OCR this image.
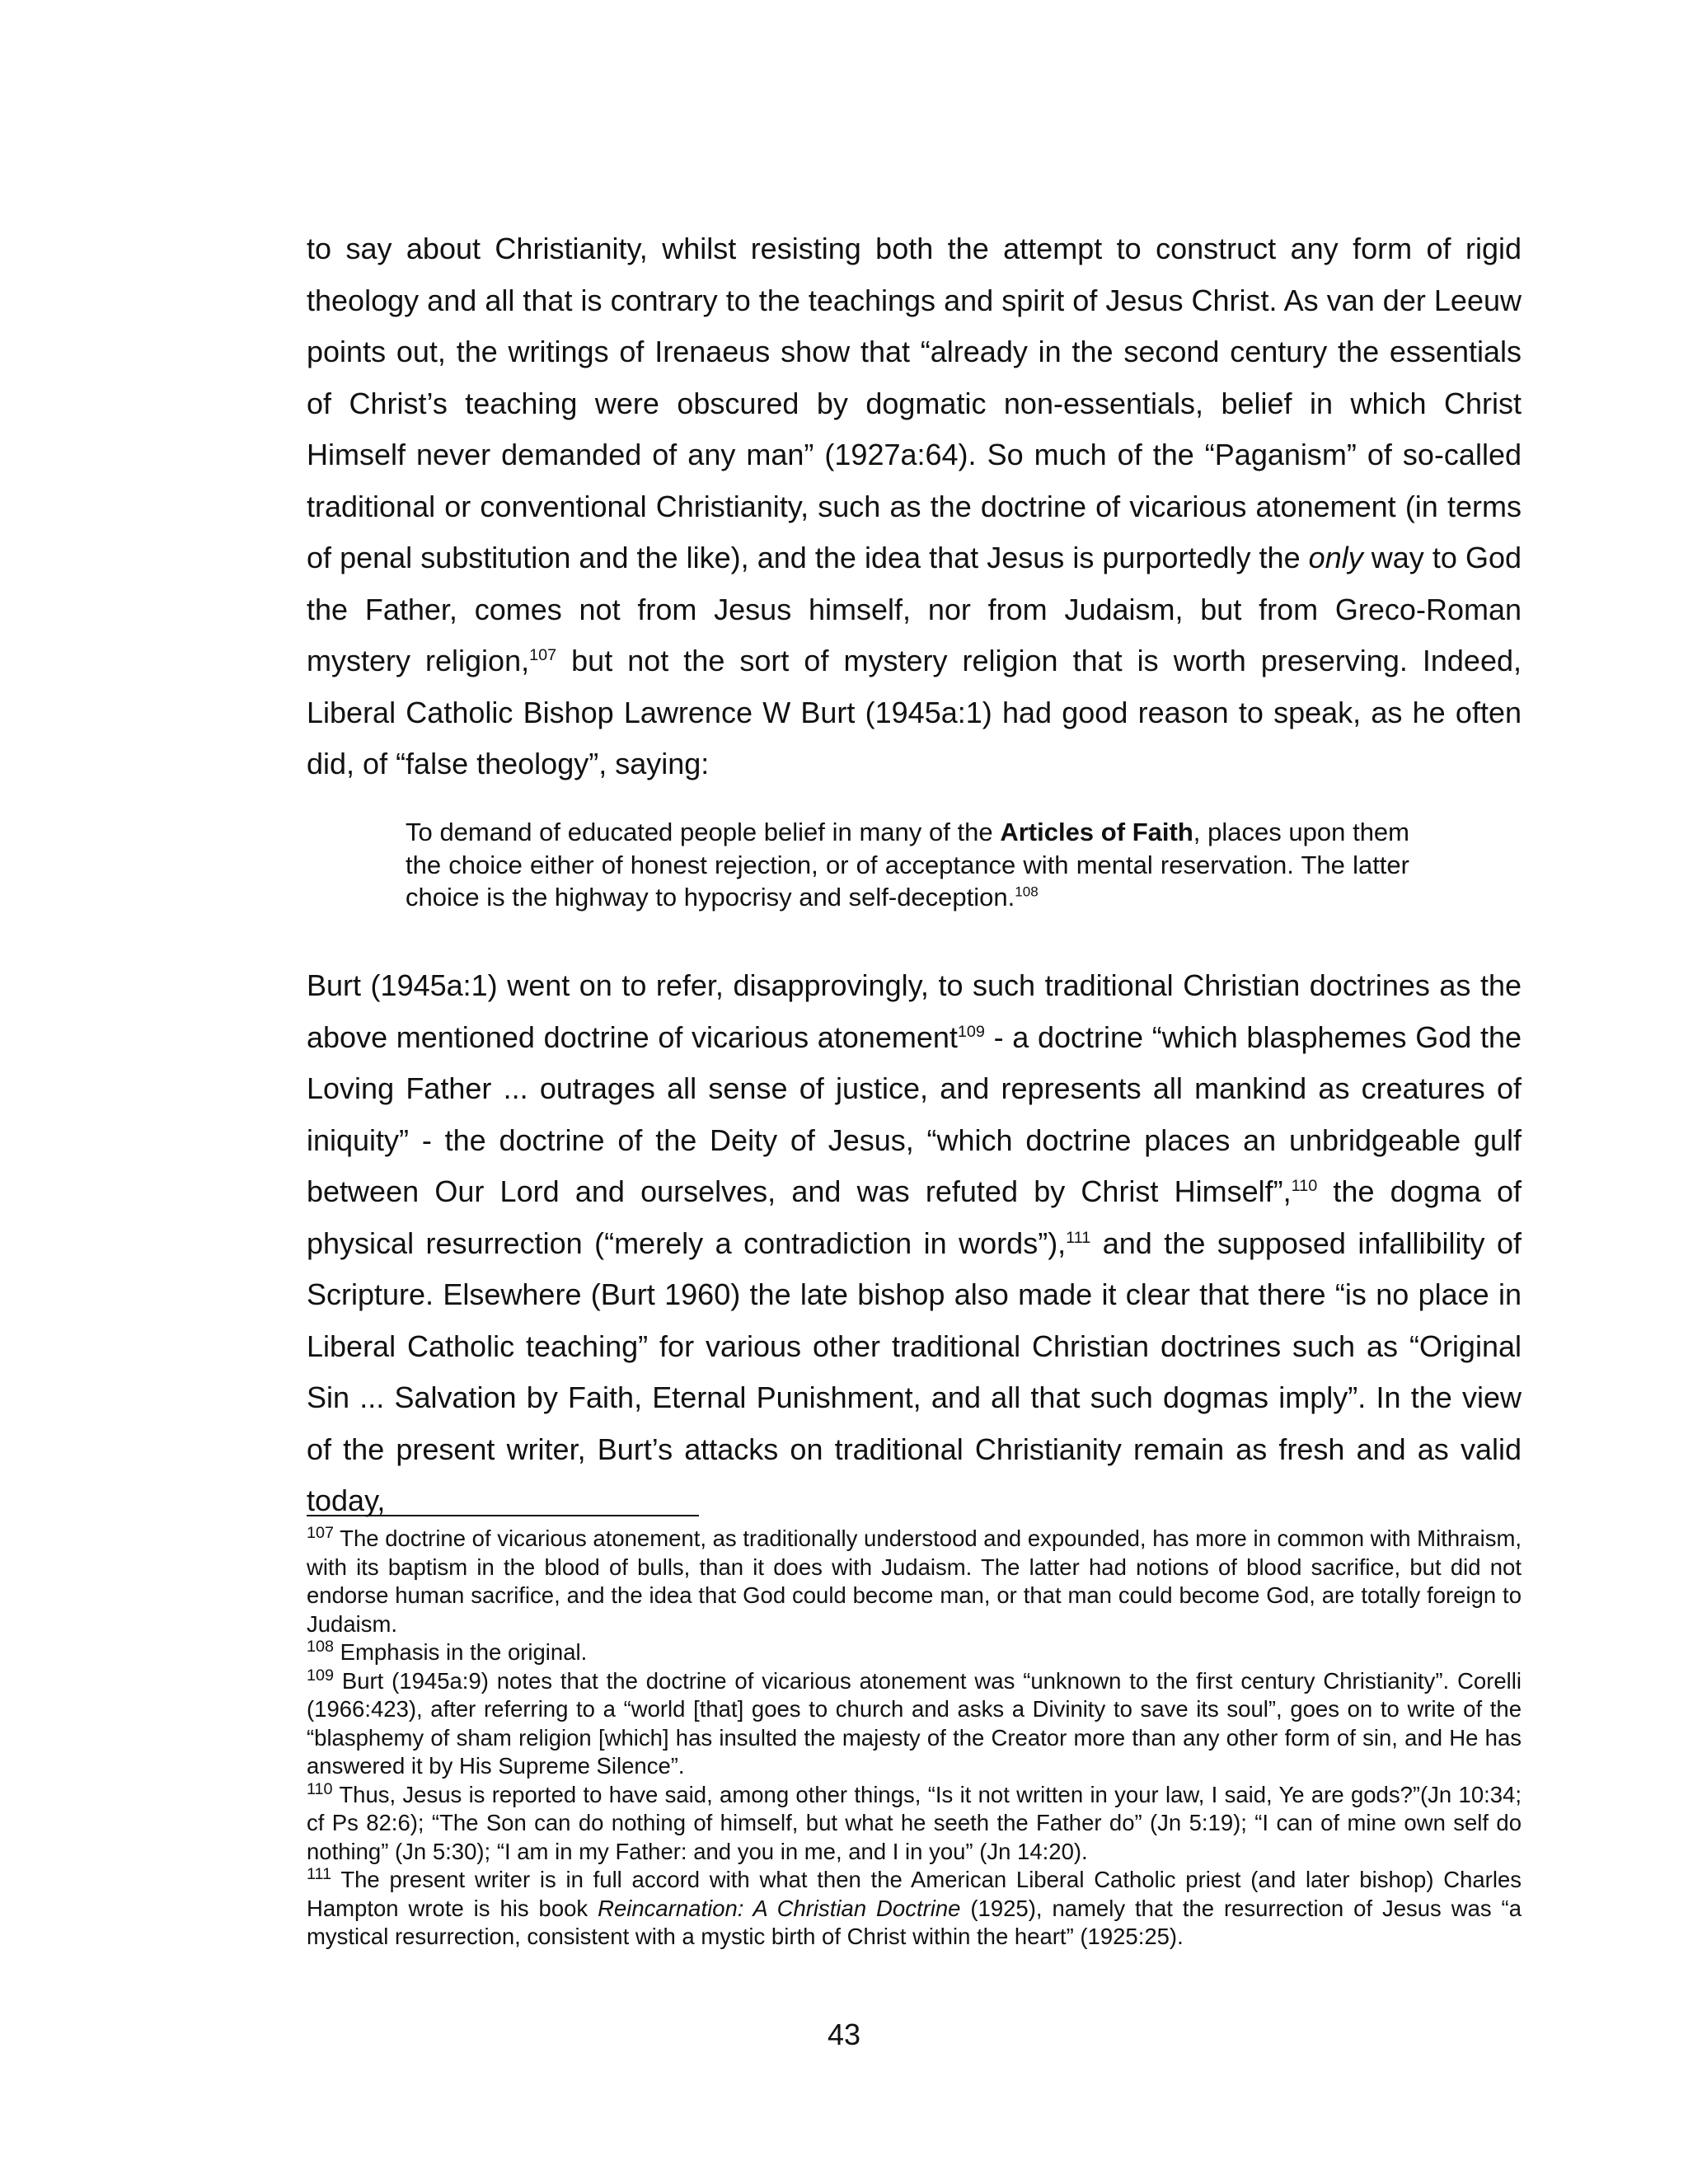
to say about Christianity, whilst resisting both the attempt to construct any form of rigid theology and all that is contrary to the teachings and spirit of Jesus Christ. As van der Leeuw points out, the writings of Irenaeus show that “already in the second century the essentials of Christ’s teaching were obscured by dogmatic non-essentials, belief in which Christ Himself never demanded of any man” (1927a:64). So much of the “Paganism” of so-called traditional or conventional Christianity, such as the doctrine of vicarious atonement (in terms of penal substitution and the like), and the idea that Jesus is purportedly the only way to God the Father, comes not from Jesus himself, nor from Judaism, but from Greco-Roman mystery religion,$^{107}$ but not the sort of mystery religion that is worth preserving. Indeed, Liberal Catholic Bishop Lawrence W Burt (1945a:1) had good reason to speak, as he often did, of “false theology”, saying:

To demand of educated people belief in many of the Articles of Faith, places upon them the choice either of honest rejection, or of acceptance with mental reservation. The latter choice is the highway to hypocrisy and self-deception.$^{108}$

Burt (1945a:1) went on to refer, disapprovingly, to such traditional Christian doctrines as the above mentioned doctrine of vicarious atonement$^{109}$ - a doctrine “which blasphemes God the Loving Father ... outrages all sense of justice, and represents all mankind as creatures of iniquity” - the doctrine of the Deity of Jesus, “which doctrine places an unbridgeable gulf between Our Lord and ourselves, and was refuted by Christ Himself”,$^{110}$ the dogma of physical resurrection (“merely a contradiction in words”),$^{111}$ and the supposed infallibility of Scripture. Elsewhere (Burt 1960) the late bishop also made it clear that there “is no place in Liberal Catholic teaching” for various other traditional Christian doctrines such as “Original Sin ... Salvation by Faith, Eternal Punishment, and all that such dogmas imply”. In the view of the present writer, Burt’s attacks on traditional Christianity remain as fresh and as valid today,

$^{107}$ The doctrine of vicarious atonement, as traditionally understood and expounded, has more in common with Mithraism, with its baptism in the blood of bulls, than it does with Judaism. The latter had notions of blood sacrifice, but did not endorse human sacrifice, and the idea that God could become man, or that man could become God, are totally foreign to Judaism.

$^{108}$ Emphasis in the original.

$^{109}$ Burt (1945a:9) notes that the doctrine of vicarious atonement was “unknown to the first century Christianity”. Corelli (1966:423), after referring to a “world [that] goes to church and asks a Divinity to save its soul”, goes on to write of the “blasphemy of sham religion [which] has insulted the majesty of the Creator more than any other form of sin, and He has answered it by His Supreme Silence”.

$^{110}$ Thus, Jesus is reported to have said, among other things, “Is it not written in your law, I said, Ye are gods?”(Jn 10:34; cf Ps 82:6); “The Son can do nothing of himself, but what he seeth the Father do” (Jn 5:19); “I can of mine own self do nothing” (Jn 5:30); “I am in my Father: and you in me, and I in you” (Jn 14:20).

$^{111}$ The present writer is in full accord with what then the American Liberal Catholic priest (and later bishop) Charles Hampton wrote is his book Reincarnation: A Christian Doctrine (1925), namely that the resurrection of Jesus was “a mystical resurrection, consistent with a mystic birth of Christ within the heart” (1925:25).

43
